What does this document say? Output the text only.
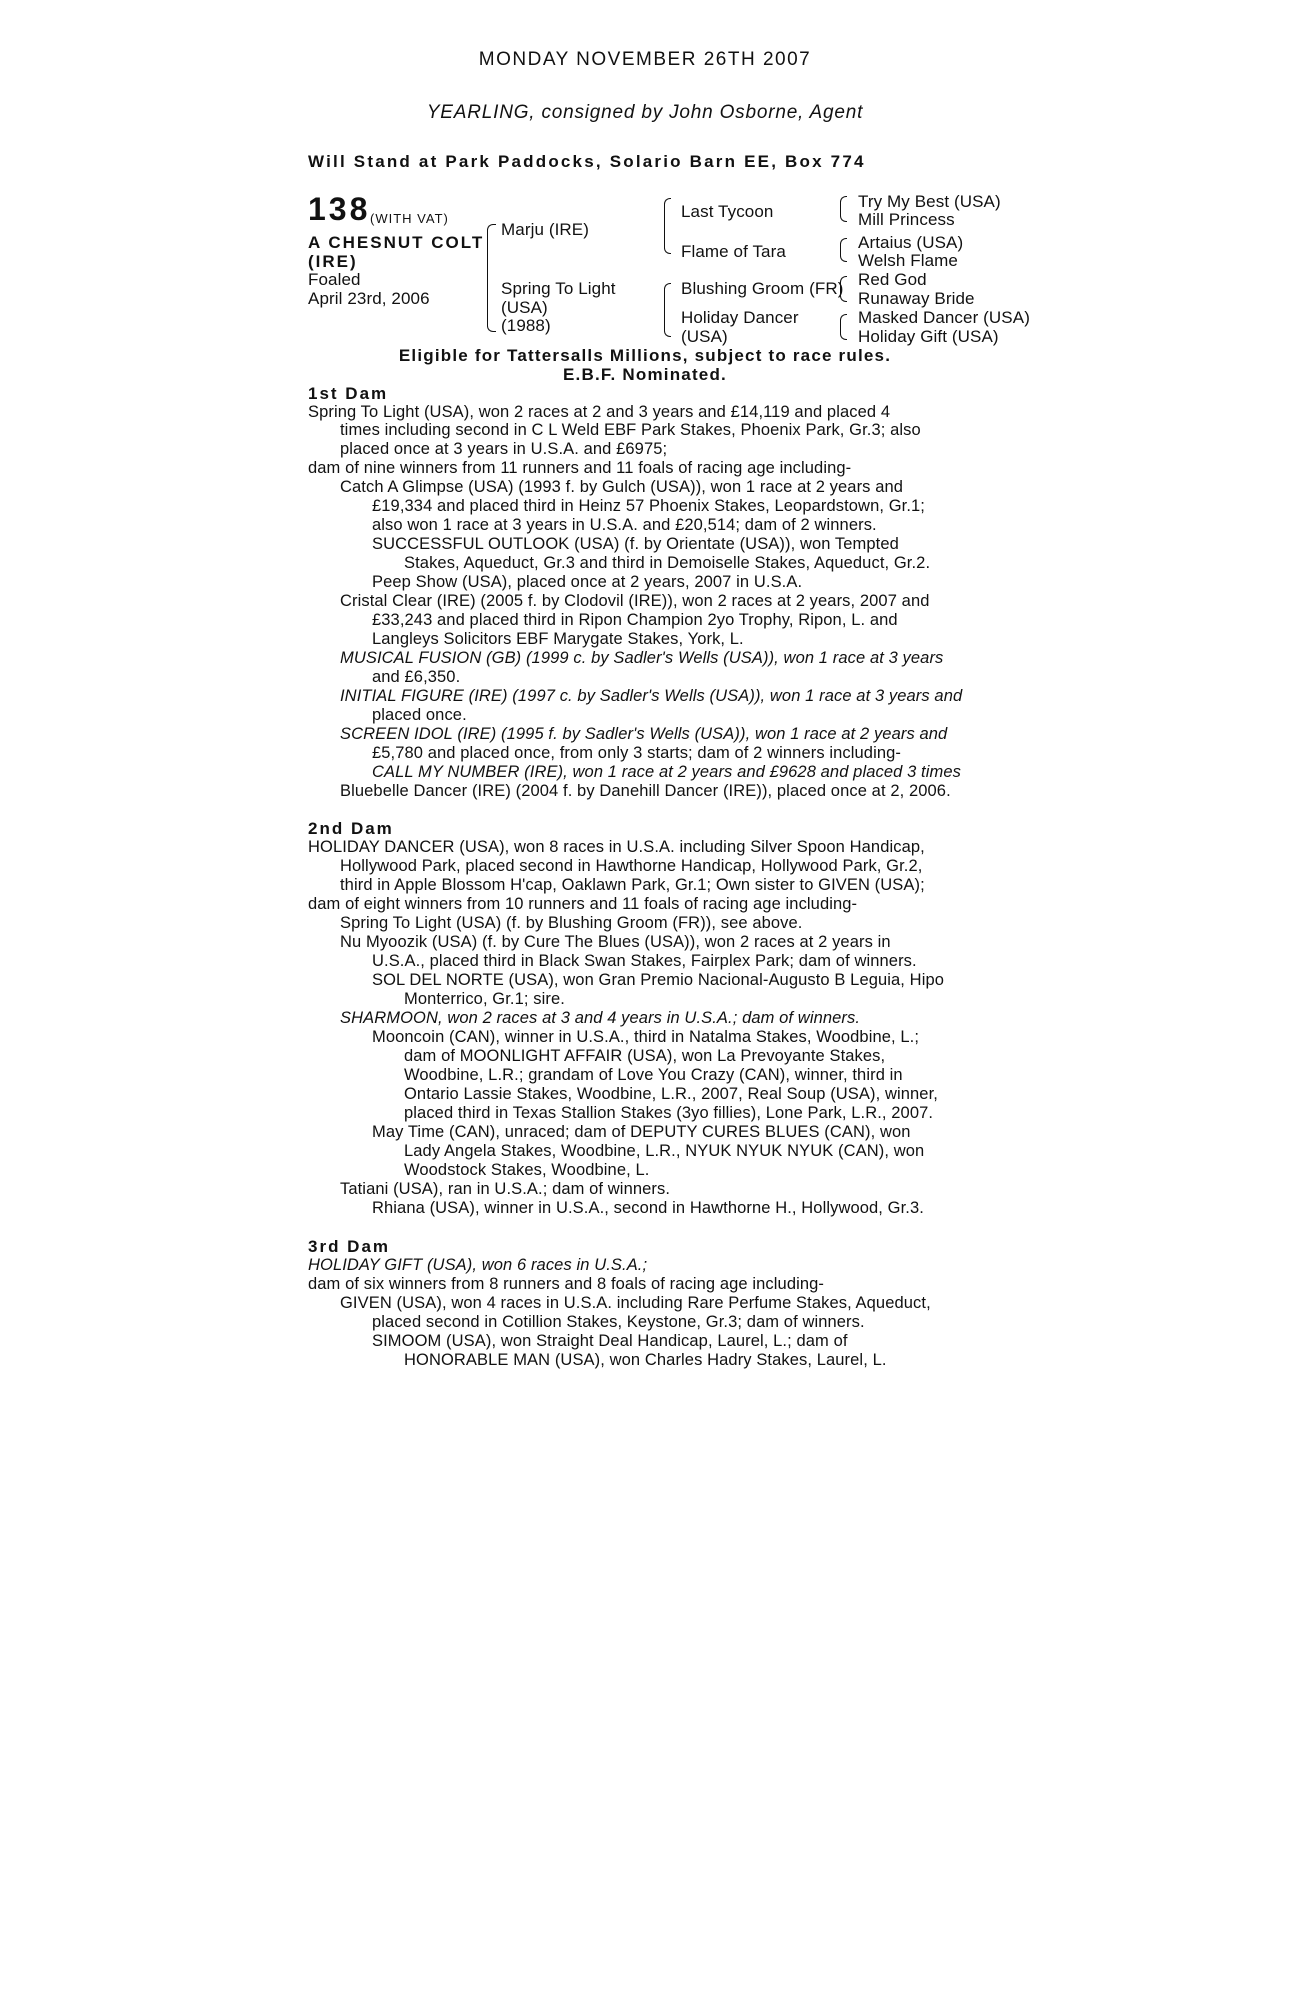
MONDAY NOVEMBER 26TH 2007
YEARLING, consigned by John Osborne, Agent
Will Stand at Park Paddocks, Solario Barn EE, Box 774
138 (WITH VAT)
A CHESNUT COLT
(IRE)
Foaled
April 23rd, 2006
Marju (IRE)
Spring To Light
(USA)
(1988)
Last Tycoon
Flame of Tara
Blushing Groom (FR)
Holiday Dancer
(USA)
Try My Best (USA)
Mill Princess
Artaius (USA)
Welsh Flame
Red God
Runaway Bride
Masked Dancer (USA)
Holiday Gift (USA)
Eligible for Tattersalls Millions, subject to race rules.
E.B.F. Nominated.
1st Dam
Spring To Light (USA), won 2 races at 2 and 3 years and £14,119 and placed 4
times including second in C L Weld EBF Park Stakes, Phoenix Park, Gr.3; also
placed once at 3 years in U.S.A. and £6975;
dam of nine winners from 11 runners and 11 foals of racing age including-
Catch A Glimpse (USA) (1993 f. by Gulch (USA)), won 1 race at 2 years and
£19,334 and placed third in Heinz 57 Phoenix Stakes, Leopardstown, Gr.1;
also won 1 race at 3 years in U.S.A. and £20,514; dam of 2 winners.
SUCCESSFUL OUTLOOK (USA) (f. by Orientate (USA)), won Tempted
Stakes, Aqueduct, Gr.3 and third in Demoiselle Stakes, Aqueduct, Gr.2.
Peep Show (USA), placed once at 2 years, 2007 in U.S.A.
Cristal Clear (IRE) (2005 f. by Clodovil (IRE)), won 2 races at 2 years, 2007 and
£33,243 and placed third in Ripon Champion 2yo Trophy, Ripon, L. and
Langleys Solicitors EBF Marygate Stakes, York, L.
MUSICAL FUSION (GB) (1999 c. by Sadler's Wells (USA)), won 1 race at 3 years
and £6,350.
INITIAL FIGURE (IRE) (1997 c. by Sadler's Wells (USA)), won 1 race at 3 years and
placed once.
SCREEN IDOL (IRE) (1995 f. by Sadler's Wells (USA)), won 1 race at 2 years and
£5,780 and placed once, from only 3 starts; dam of 2 winners including-
CALL MY NUMBER (IRE), won 1 race at 2 years and £9628 and placed 3 times
Bluebelle Dancer (IRE) (2004 f. by Danehill Dancer (IRE)), placed once at 2, 2006.
2nd Dam
HOLIDAY DANCER (USA), won 8 races in U.S.A. including Silver Spoon Handicap,
Hollywood Park, placed second in Hawthorne Handicap, Hollywood Park, Gr.2,
third in Apple Blossom H'cap, Oaklawn Park, Gr.1; Own sister to GIVEN (USA);
dam of eight winners from 10 runners and 11 foals of racing age including-
Spring To Light (USA) (f. by Blushing Groom (FR)), see above.
Nu Myoozik (USA) (f. by Cure The Blues (USA)), won 2 races at 2 years in
U.S.A., placed third in Black Swan Stakes, Fairplex Park; dam of winners.
SOL DEL NORTE (USA), won Gran Premio Nacional-Augusto B Leguia, Hipo
Monterrico, Gr.1; sire.
SHARMOON, won 2 races at 3 and 4 years in U.S.A.; dam of winners.
Mooncoin (CAN), winner in U.S.A., third in Natalma Stakes, Woodbine, L.;
dam of MOONLIGHT AFFAIR (USA), won La Prevoyante Stakes,
Woodbine, L.R.; grandam of Love You Crazy (CAN), winner, third in
Ontario Lassie Stakes, Woodbine, L.R., 2007, Real Soup (USA), winner,
placed third in Texas Stallion Stakes (3yo fillies), Lone Park, L.R., 2007.
May Time (CAN), unraced; dam of DEPUTY CURES BLUES (CAN), won
Lady Angela Stakes, Woodbine, L.R., NYUK NYUK NYUK (CAN), won
Woodstock Stakes, Woodbine, L.
Tatiani (USA), ran in U.S.A.; dam of winners.
Rhiana (USA), winner in U.S.A., second in Hawthorne H., Hollywood, Gr.3.
3rd Dam
HOLIDAY GIFT (USA), won 6 races in U.S.A.;
dam of six winners from 8 runners and 8 foals of racing age including-
GIVEN (USA), won 4 races in U.S.A. including Rare Perfume Stakes, Aqueduct,
placed second in Cotillion Stakes, Keystone, Gr.3; dam of winners.
SIMOOM (USA), won Straight Deal Handicap, Laurel, L.; dam of
HONORABLE MAN (USA), won Charles Hadry Stakes, Laurel, L.
